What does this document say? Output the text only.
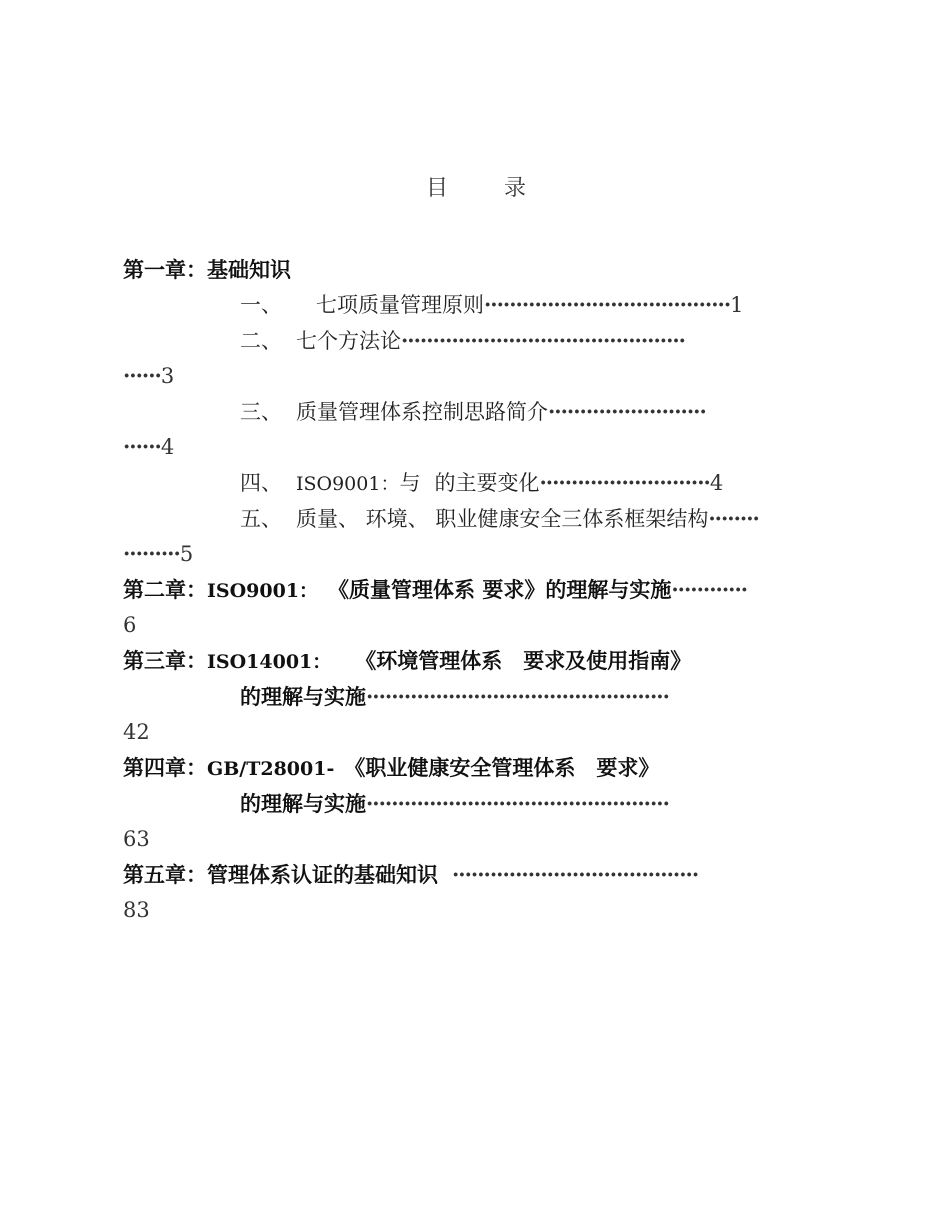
目	录
第一章：基础知识
一、 七项质量管理原则·······································1
二、 七个方法论·············································
······3
三、 质量管理体系控制思路简介·························
······4
四、 ISO9001：与 的主要变化···························4
五、 质量、 环境、 职业健康安全三体系框架结构········
·········5
第二章：ISO9001： 《质量管理体系 要求》的理解与实施············
6
第三章：ISO14001： 《环境管理体系　要求及使用指南》
的理解与实施················································
42
第四章：GB/T28001- 《职业健康安全管理体系　要求》
的理解与实施················································
63
第五章：管理体系认证的基础知识 ·······································
83
